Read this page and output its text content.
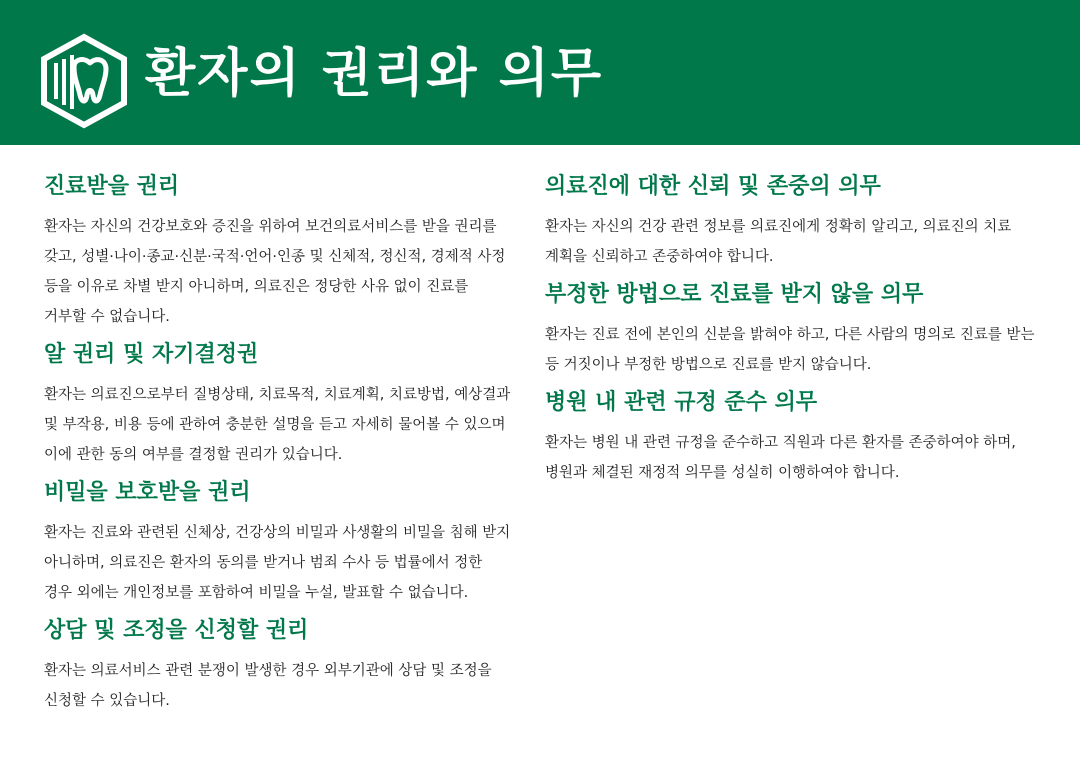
환자의 권리와 의무
진료받을 권리

환자는 자신의 건강보호와 증진을 위하여 보건의료서비스를 받을 권리를 갖고, 성별·나이·종교·신분·국적·언어·인종 및 신체적, 정신적, 경제적 사정 등을 이유로 차별 받지 아니하며, 의료진은 정당한 사유 없이 진료를 거부할 수 없습니다.

알 권리 및 자기결정권

환자는 의료진으로부터 질병상태, 치료목적, 치료계획, 치료방법, 예상결과 및 부작용, 비용 등에 관하여 충분한 설명을 듣고 자세히 물어볼 수 있으며 이에 관한 동의 여부를 결정할 권리가 있습니다.

비밀을 보호받을 권리

환자는 진료와 관련된 신체상, 건강상의 비밀과 사생활의 비밀을 침해 받지 아니하며, 의료진은 환자의 동의를 받거나 범죄 수사 등 법률에서 정한 경우 외에는 개인정보를 포함하여 비밀을 누설, 발표할 수 없습니다.

상담 및 조정을 신청할 권리

환자는 의료서비스 관련 분쟁이 발생한 경우 외부기관에 상담 및 조정을 신청할 수 있습니다.

의료진에 대한 신뢰 및 존중의 의무

환자는 자신의 건강 관련 정보를 의료진에게 정확히 알리고, 의료진의 치료 계획을 신뢰하고 존중하여야 합니다.

부정한 방법으로 진료를 받지 않을 의무

환자는 진료 전에 본인의 신분을 밝혀야 하고, 다른 사람의 명의로 진료를 받는 등 거짓이나 부정한 방법으로 진료를 받지 않습니다.

병원 내 관련 규정 준수 의무

환자는 병원 내 관련 규정을 준수하고 직원과 다른 환자를 존중하여야 하며, 병원과 체결된 재정적 의무를 성실히 이행하여야 합니다.
